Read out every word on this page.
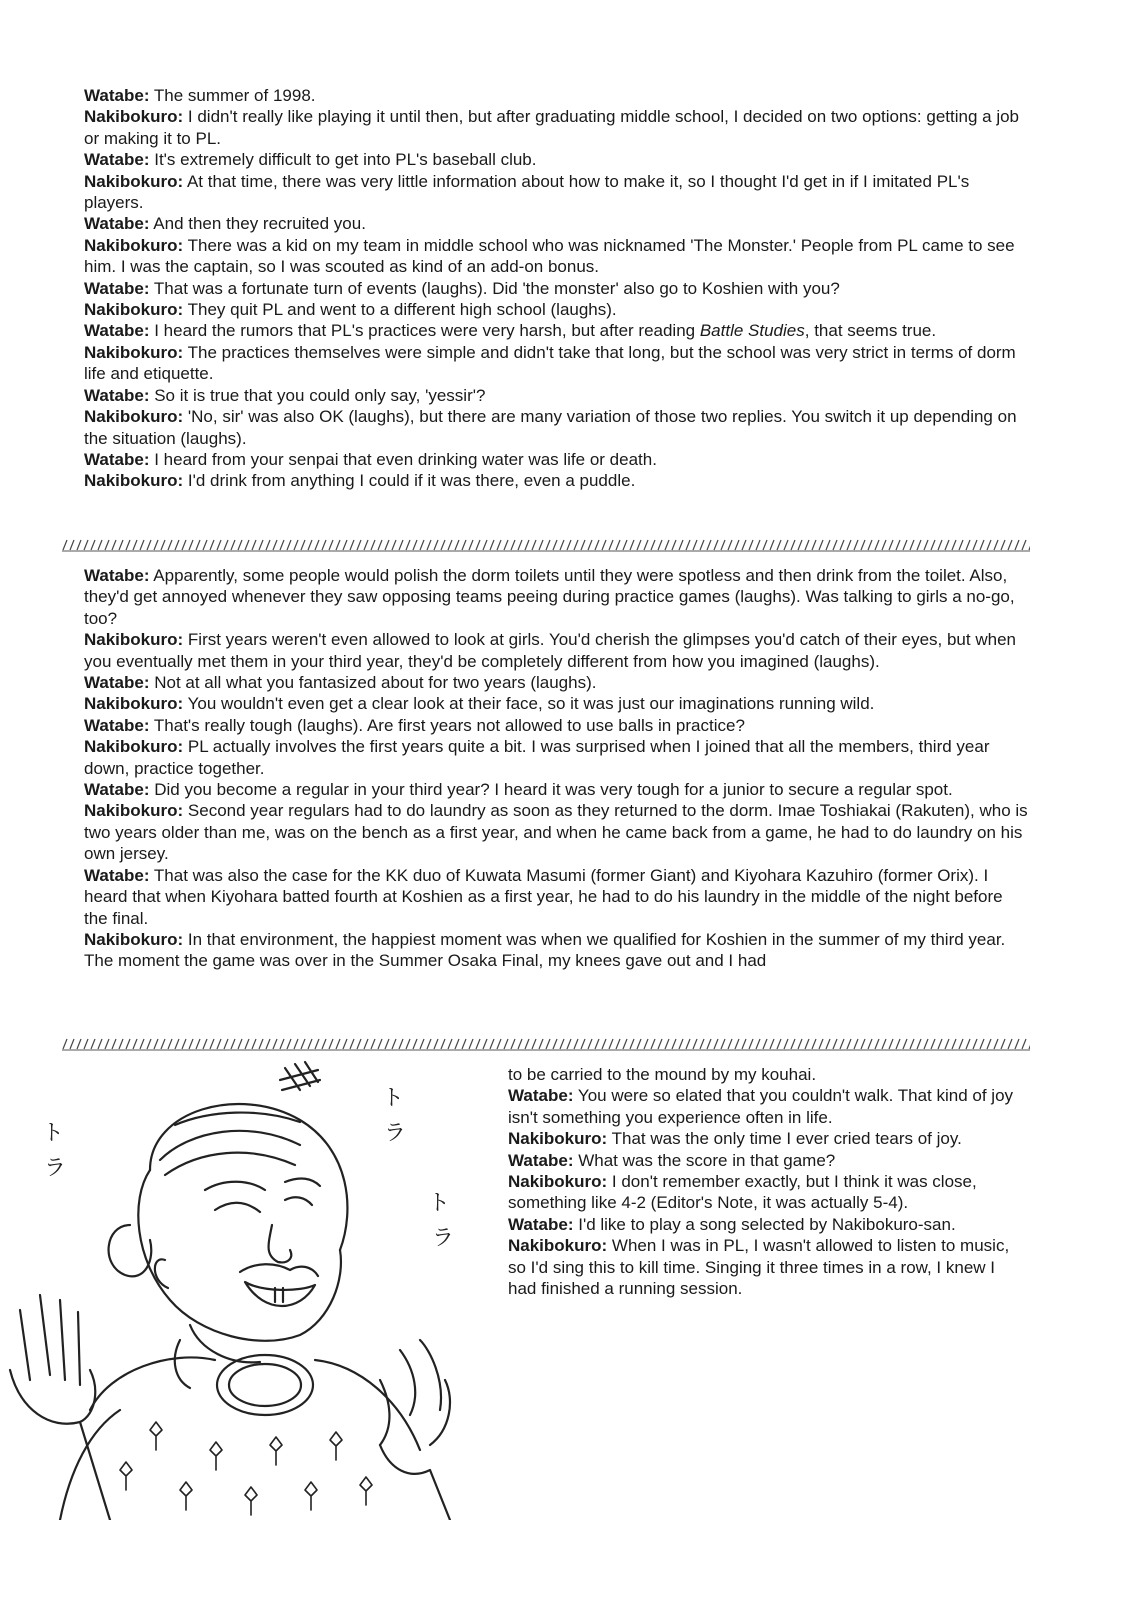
Watabe: The summer of 1998.
Nakibokuro: I didn't really like playing it until then, but after graduating middle school, I decided on two options: getting a job or making it to PL.
Watabe: It's extremely difficult to get into PL's baseball club.
Nakibokuro: At that time, there was very little information about how to make it, so I thought I'd get in if I imitated PL's players.
Watabe: And then they recruited you.
Nakibokuro: There was a kid on my team in middle school who was nicknamed 'The Monster.' People from PL came to see him. I was the captain, so I was scouted as kind of an add-on bonus.
Watabe: That was a fortunate turn of events (laughs). Did 'the monster' also go to Koshien with you?
Nakibokuro: They quit PL and went to a different high school (laughs).
Watabe: I heard the rumors that PL's practices were very harsh, but after reading Battle Studies, that seems true.
Nakibokuro: The practices themselves were simple and didn't take that long, but the school was very strict in terms of dorm life and etiquette.
Watabe: So it is true that you could only say, 'yessir'?
Nakibokuro: 'No, sir' was also OK (laughs), but there are many variation of those two replies. You switch it up depending on the situation (laughs).
Watabe: I heard from your senpai that even drinking water was life or death.
Nakibokuro: I'd drink from anything I could if it was there, even a puddle.
Watabe: Apparently, some people would polish the dorm toilets until they were spotless and then drink from the toilet. Also, they'd get annoyed whenever they saw opposing teams peeing during practice games (laughs). Was talking to girls a no-go, too?
Nakibokuro: First years weren't even allowed to look at girls. You'd cherish the glimpses you'd catch of their eyes, but when you eventually met them in your third year, they'd be completely different from how you imagined (laughs).
Watabe: Not at all what you fantasized about for two years (laughs).
Nakibokuro: You wouldn't even get a clear look at their face, so it was just our imaginations running wild.
Watabe: That's really tough (laughs). Are first years not allowed to use balls in practice?
Nakibokuro: PL actually involves the first years quite a bit. I was surprised when I joined that all the members, third year down, practice together.
Watabe: Did you become a regular in your third year? I heard it was very tough for a junior to secure a regular spot.
Nakibokuro: Second year regulars had to do laundry as soon as they returned to the dorm. Imae Toshiakai (Rakuten), who is two years older than me, was on the bench as a first year, and when he came back from a game, he had to do laundry on his own jersey.
Watabe: That was also the case for the KK duo of Kuwata Masumi (former Giant) and Kiyohara Kazuhiro (former Orix). I heard that when Kiyohara batted fourth at Koshien as a first year, he had to do his laundry in the middle of the night before the final.
Nakibokuro: In that environment, the happiest moment was when we qualified for Koshien in the summer of my third year. The moment the game was over in the Summer Osaka Final, my knees gave out and I had
ト
ラ
ト
ラ
ト
ラ
to be carried to the mound by my kouhai.
Watabe: You were so elated that you couldn't walk. That kind of joy isn't something you experience often in life.
Nakibokuro: That was the only time I ever cried tears of joy.
Watabe: What was the score in that game?
Nakibokuro: I don't remember exactly, but I think it was close, something like 4-2 (Editor's Note, it was actually 5-4).
Watabe: I'd like to play a song selected by Nakibokuro-san.
Nakibokuro: When I was in PL, I wasn't allowed to listen to music, so I'd sing this to kill time. Singing it three times in a row, I knew I had finished a running session.
